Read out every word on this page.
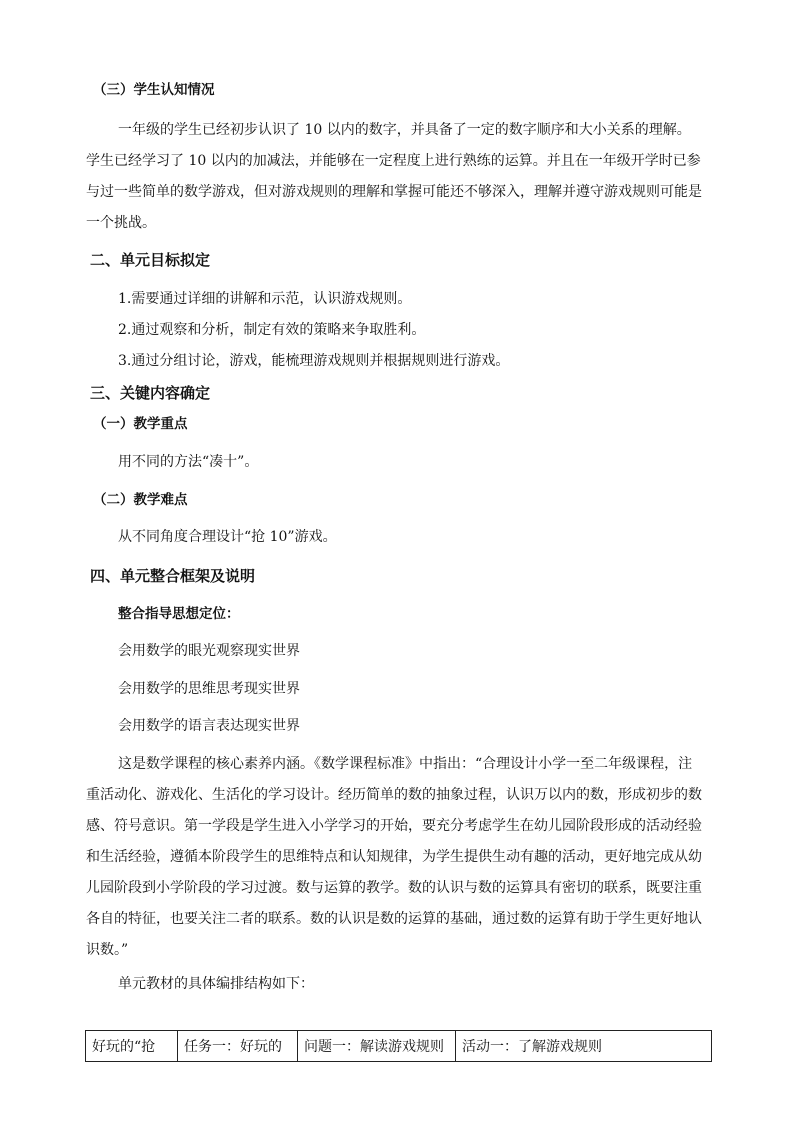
（三）学生认知情况
一年级的学生已经初步认识了 10 以内的数字，并具备了一定的数字顺序和大小关系的理解。
学生已经学习了 10 以内的加减法，并能够在一定程度上进行熟练的运算。并且在一年级开学时已参
与过一些简单的数学游戏，但对游戏规则的理解和掌握可能还不够深入，理解并遵守游戏规则可能是
一个挑战。
二、单元目标拟定
1.需要通过详细的讲解和示范，认识游戏规则。
2.通过观察和分析，制定有效的策略来争取胜利。
3.通过分组讨论，游戏，能梳理游戏规则并根据规则进行游戏。
三、关键内容确定
（一）教学重点
用不同的方法“凑十”。
（二）教学难点
从不同角度合理设计“抢 10”游戏。
四、单元整合框架及说明
整合指导思想定位：
会用数学的眼光观察现实世界
会用数学的思维思考现实世界
会用数学的语言表达现实世界
这是数学课程的核心素养内涵。《数学课程标准》中指出：“合理设计小学一至二年级课程，注
重活动化、游戏化、生活化的学习设计。经历简单的数的抽象过程，认识万以内的数，形成初步的数
感、符号意识。第一学段是学生进入小学学习的开始，要充分考虑学生在幼儿园阶段形成的活动经验
和生活经验，遵循本阶段学生的思维特点和认知规律，为学生提供生动有趣的活动，更好地完成从幼
儿园阶段到小学阶段的学习过渡。数与运算的教学。数的认识与数的运算具有密切的联系，既要注重
各自的特征，也要关注二者的联系。数的认识是数的运算的基础，通过数的运算有助于学生更好地认
识数。”
单元教材的具体编排结构如下：
好玩的“抢	任务一：好玩的	问题一：解读游戏规则	活动一：了解游戏规则
